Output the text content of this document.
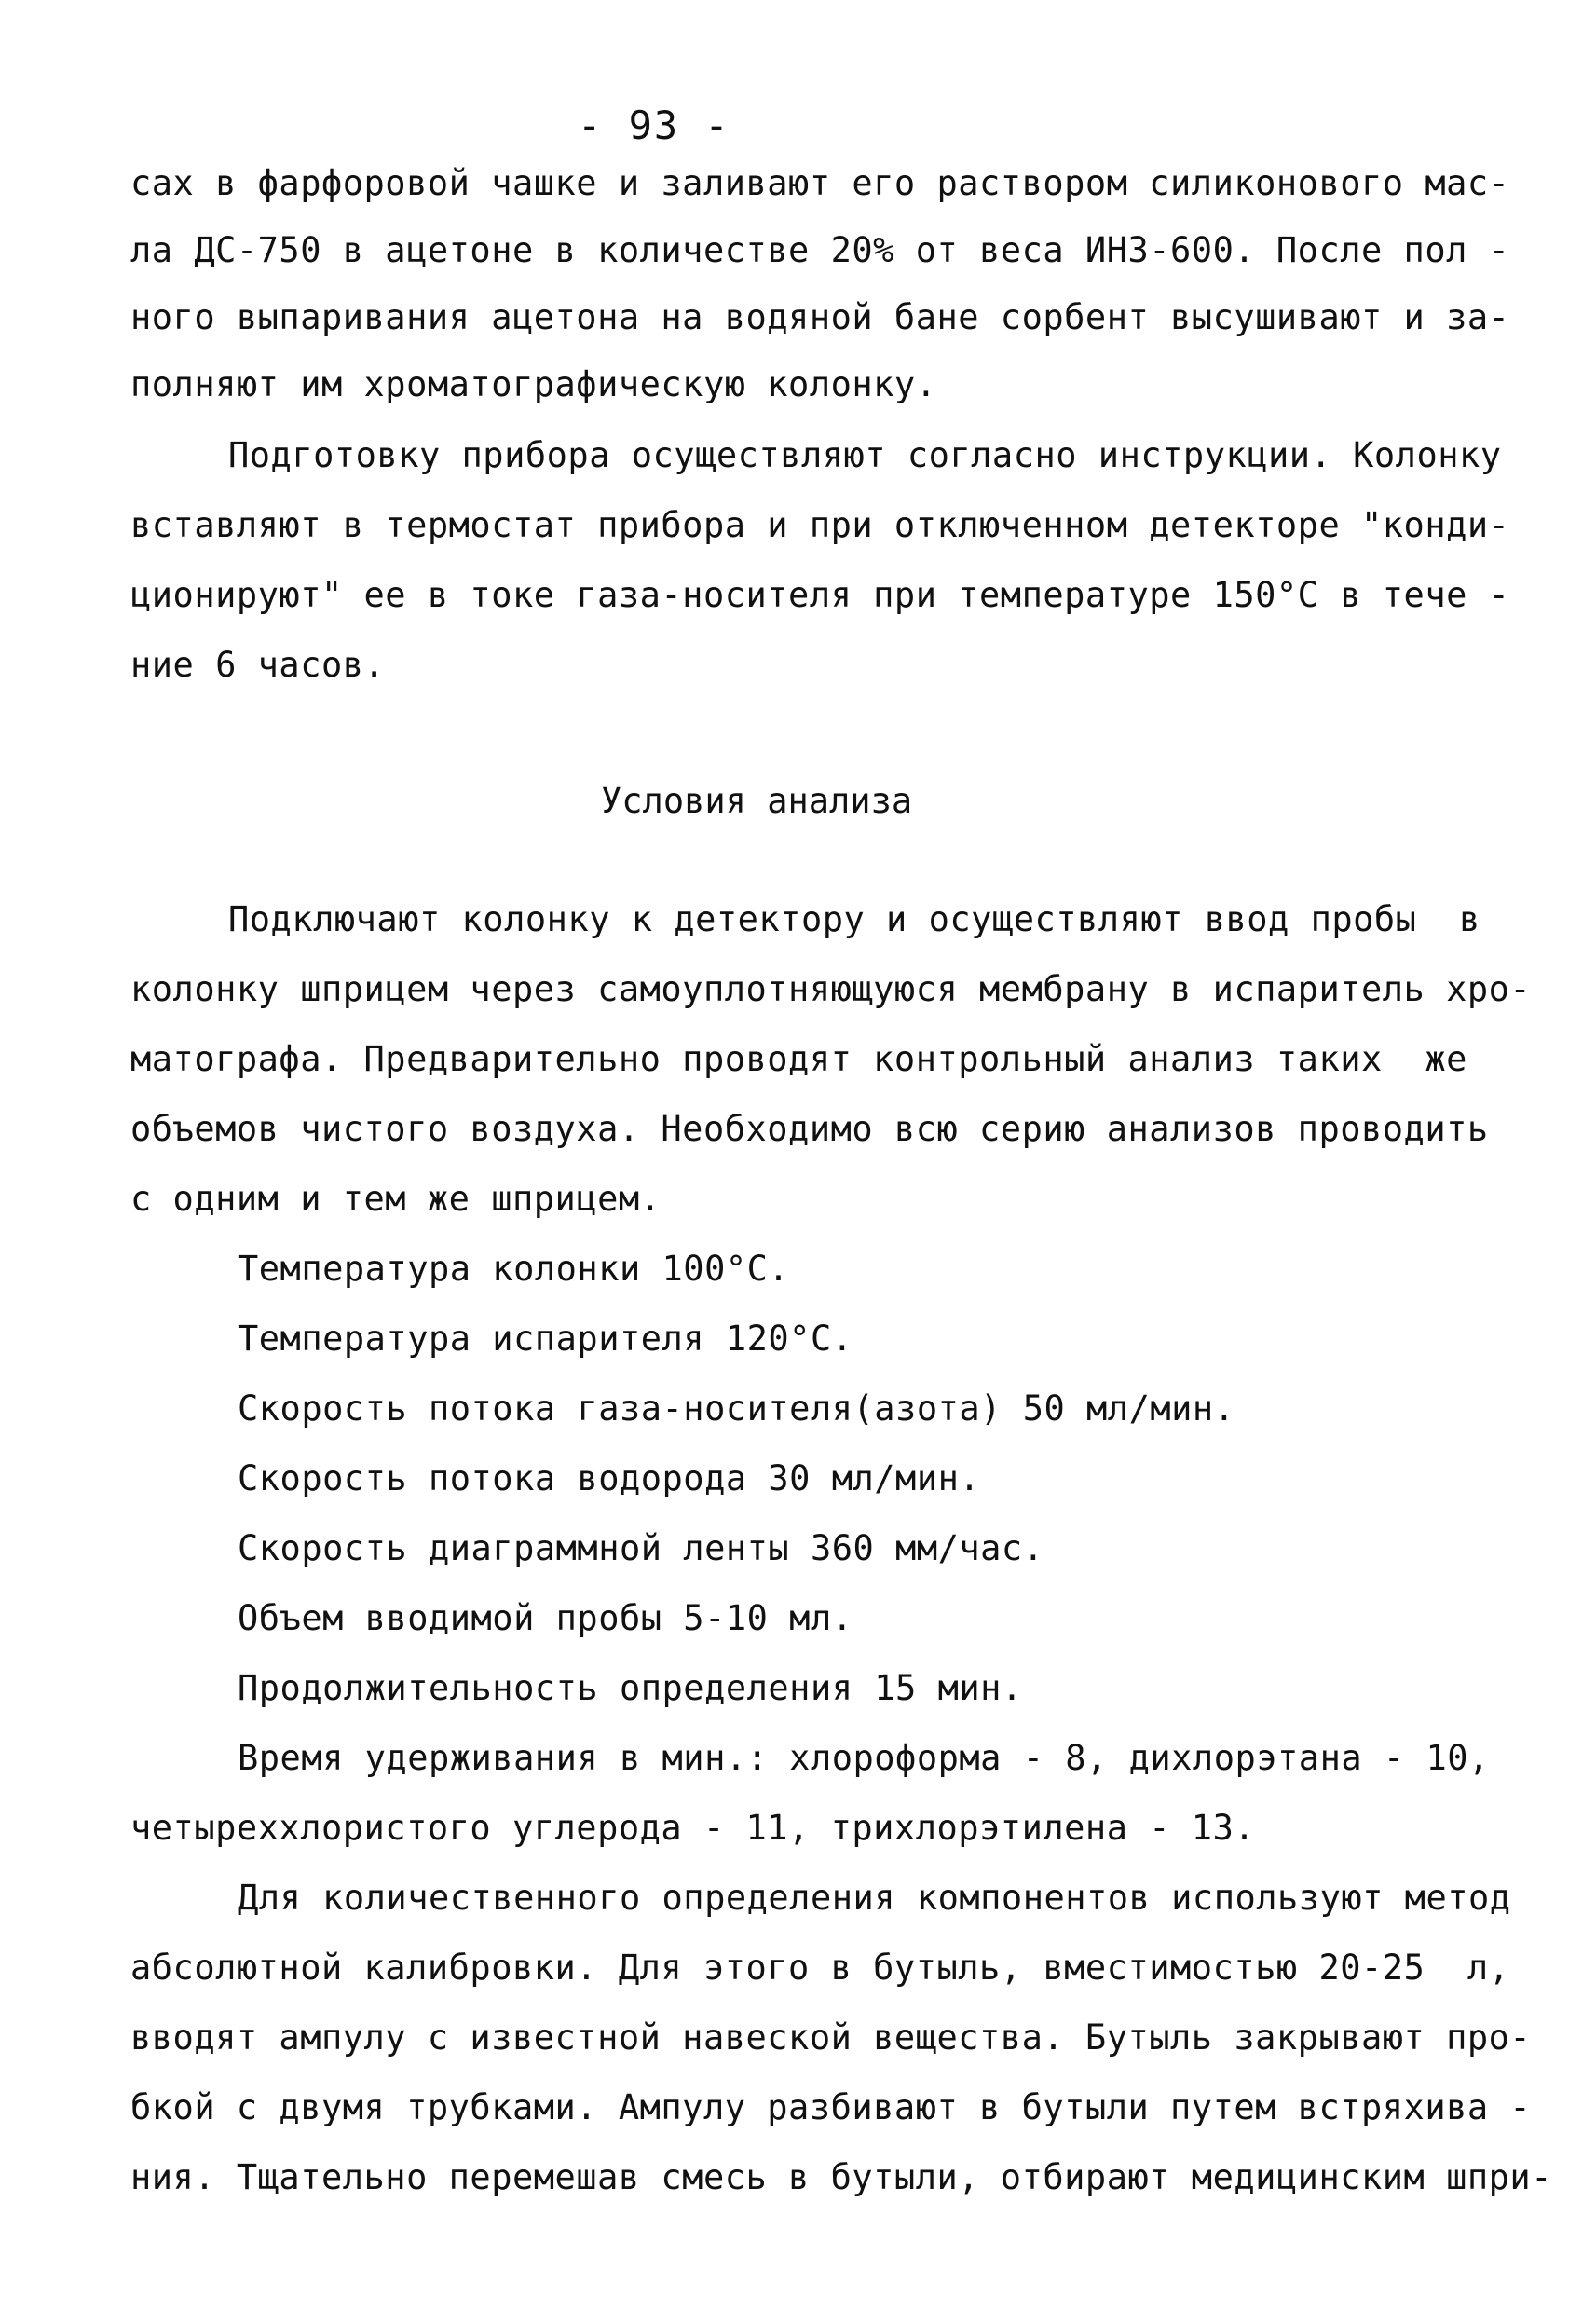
- 93 -
сах в фарфоровой чашке и заливают его раствором силиконового мас-
ла ДС-750 в ацетоне в количестве 20% от веса ИНЗ-600. После пол -
ного выпаривания ацетона на водяной бане сорбент высушивают и за-
полняют им хроматографическую колонку.
Подготовку прибора осуществляют согласно инструкции. Колонку
вставляют в термостат прибора и при отключенном детекторе "конди-
ционируют" ее в токе газа-носителя при температуре 150°С в тече -
ние 6 часов.
Условия анализа
Подключают колонку к детектору и осуществляют ввод пробы  в
колонку шприцем через самоуплотняющуюся мембрану в испаритель хро-
матографа. Предварительно проводят контрольный анализ таких  же
объемов чистого воздуха. Необходимо всю серию анализов проводить
с одним и тем же шприцем.
Температура колонки 100°С.
Температура испарителя 120°С.
Скорость потока газа-носителя(азота) 50 мл/мин.
Скорость потока водорода 30 мл/мин.
Скорость диаграммной ленты 360 мм/час.
Объем вводимой пробы 5-10 мл.
Продолжительность определения 15 мин.
Время удерживания в мин.: хлороформа - 8, дихлорэтана - 10,
четыреххлористого углерода - 11, трихлорэтилена - 13.
Для количественного определения компонентов используют метод
абсолютной калибровки. Для этого в бутыль, вместимостью 20-25  л,
вводят ампулу с известной навеской вещества. Бутыль закрывают про-
бкой с двумя трубками. Ампулу разбивают в бутыли путем встряхива -
ния. Тщательно перемешав смесь в бутыли, отбирают медицинским шпри-
